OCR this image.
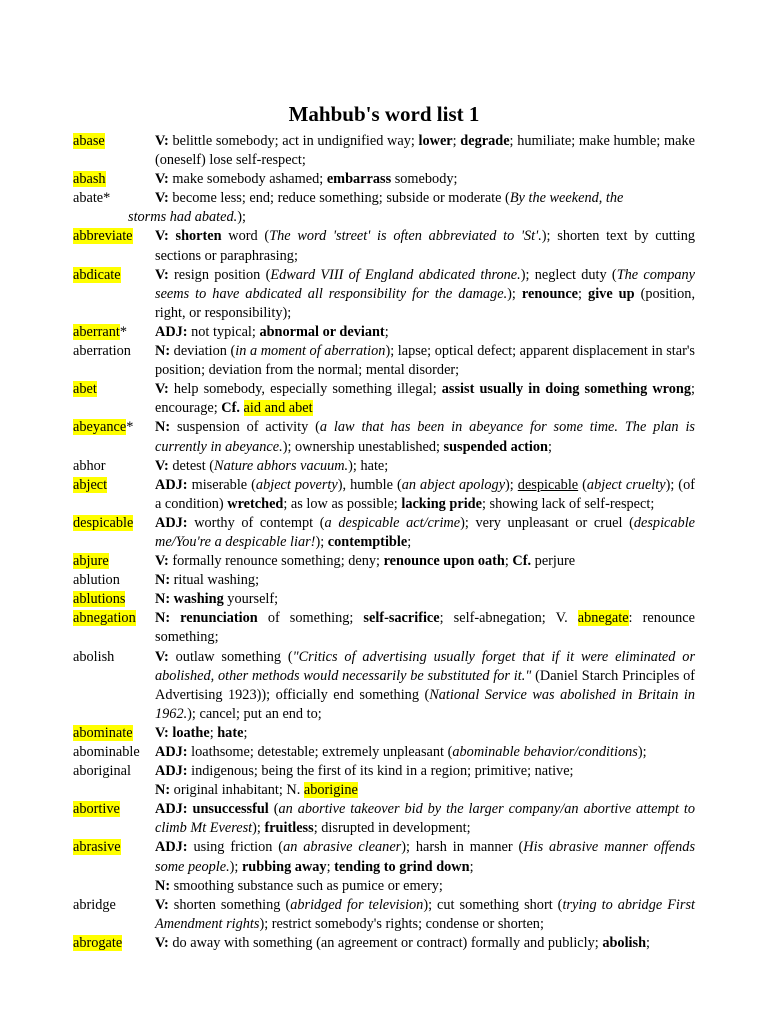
Mahbub's word list 1
abase	V: belittle somebody; act in undignified way; lower; degrade; humiliate; make humble; make (oneself) lose self-respect;
abash	V: make somebody ashamed; embarrass somebody;
abate*	V: become less; end; reduce something; subside or moderate (By the weekend, the
storms had abated.);
abbreviate V: shorten word (The word 'street' is often abbreviated to 'St'.); shorten text by cutting sections or paraphrasing;
abdicate V: resign position (Edward VIII of England abdicated throne.); neglect duty (The company seems to have abdicated all responsibility for the damage.); renounce; give up (position, right, or responsibility);
aberrant* ADJ: not typical; abnormal or deviant;
aberration N: deviation (in a moment of aberration); lapse; optical defect; apparent displacement in star's position; deviation from the normal; mental disorder;
abet	V: help somebody, especially something illegal; assist usually in doing something wrong; encourage; Cf. aid and abet
abeyance* N: suspension of activity (a law that has been in abeyance for some time. The plan is currently in abeyance.); ownership unestablished; suspended action;
abhor	V: detest (Nature abhors vacuum.); hate;
abject	ADJ: miserable (abject poverty), humble (an abject apology); despicable (abject cruelty); (of a condition) wretched; as low as possible; lacking pride; showing lack of self-respect;
despicable ADJ: worthy of contempt (a despicable act/crime); very unpleasant or cruel (despicable me/You're a despicable liar!); contemptible;
abjure	V: formally renounce something; deny; renounce upon oath; Cf. perjure
ablution N: ritual washing;
ablutions N: washing yourself;
abnegation N: renunciation of something; self-sacrifice; self-abnegation; V. abnegate: renounce something;
abolish	V: outlaw something ("Critics of advertising usually forget that if it were eliminated or abolished, other methods would necessarily be substituted for it." (Daniel Starch Principles of Advertising 1923)); officially end something (National Service was abolished in Britain in 1962.); cancel; put an end to;
abominate V: loathe; hate;
abominable ADJ: loathsome; detestable; extremely unpleasant (abominable behavior/conditions);
aboriginal ADJ: indigenous; being the first of its kind in a region; primitive; native;
N: original inhabitant; N. aborigine
abortive ADJ: unsuccessful (an abortive takeover bid by the larger company/an abortive attempt to climb Mt Everest); fruitless; disrupted in development;
abrasive ADJ: using friction (an abrasive cleaner); harsh in manner (His abrasive manner offends some people.); rubbing away; tending to grind down;
N: smoothing substance such as pumice or emery;
abridge	V: shorten something (abridged for television); cut something short (trying to abridge First Amendment rights); restrict somebody's rights; condense or shorten;
abrogate V: do away with something (an agreement or contract) formally and publicly; abolish;
